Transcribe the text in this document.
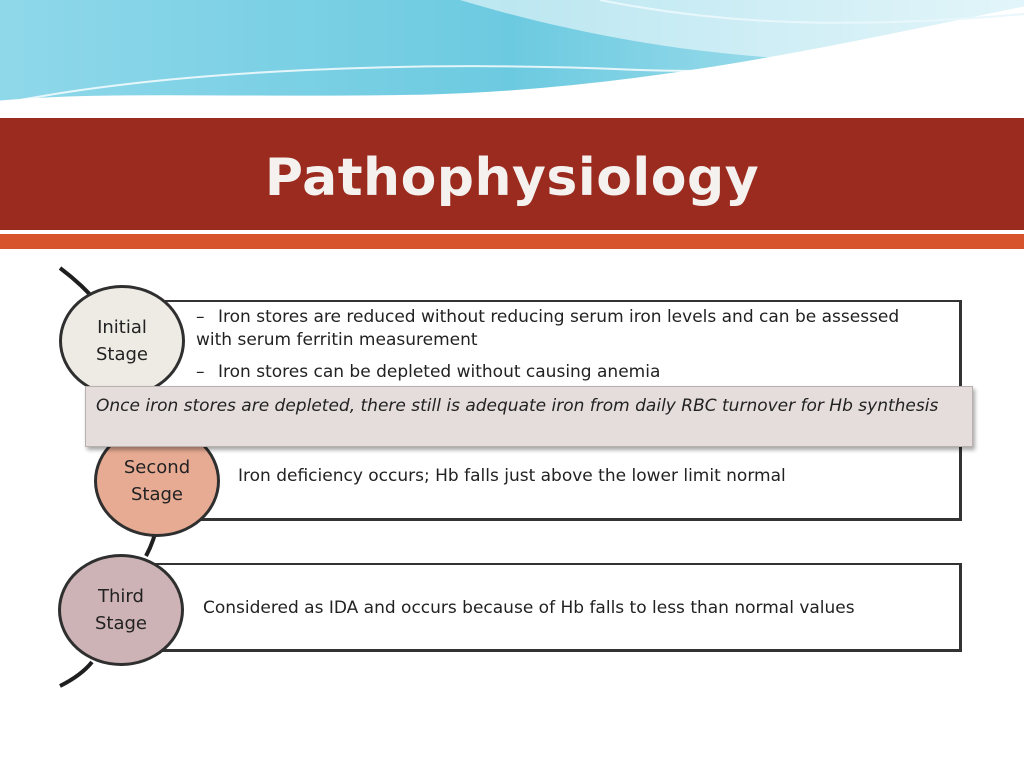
Pathophysiology
– Iron stores are reduced without reducing serum iron levels and can be assessed with serum ferritin measurement
– Iron stores can be depleted without causing anemia
Iron deficiency occurs; Hb falls just above the lower limit normal
Considered as IDA and occurs because of Hb falls to less than normal values
Initial
Stage
Second
Stage
Third
Stage
Once iron stores are depleted, there still is adequate iron from daily RBC turnover for Hb synthesis
